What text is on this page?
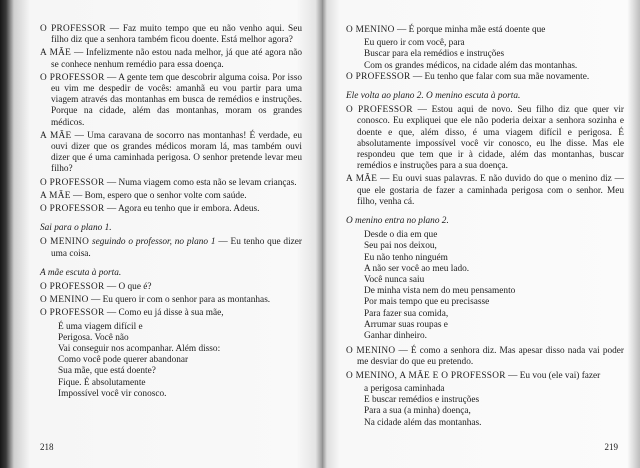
O PROFESSOR — Faz muito tempo que eu não venho aqui. Seu filho diz que a senhora também ficou doente. Está melhor agora?

A MÃE — Infelizmente não estou nada melhor, já que até agora não se conhece nenhum remédio para essa doença.

O PROFESSOR — A gente tem que descobrir alguma coisa. Por isso eu vim me despedir de vocês: amanhã eu vou partir para uma viagem através das montanhas em busca de remédios e instruções. Porque na cidade, além das montanhas, moram os grandes médicos.

A MÃE — Uma caravana de socorro nas montanhas! É verdade, eu ouvi dizer que os grandes médicos moram lá, mas também ouvi dizer que é uma caminhada perigosa. O senhor pretende levar meu filho?

O PROFESSOR — Numa viagem como esta não se levam crianças.

A MÃE — Bom, espero que o senhor volte com saúde.

O PROFESSOR — Agora eu tenho que ir embora. Adeus.

Sai para o plano 1.

O MENINO seguindo o professor, no plano 1 — Eu tenho que dizer uma coisa.

A mãe escuta à porta.

O PROFESSOR — O que é?

O MENINO — Eu quero ir com o senhor para as montanhas.

O PROFESSOR — Como eu já disse à sua mãe,

É uma viagem difícil e

Perigosa. Você não

Vai conseguir nos acompanhar. Além disso:

Como você pode querer abandonar

Sua mãe, que está doente?

Fique. É absolutamente

Impossível você vir conosco.

218

O MENINO — É porque minha mãe está doente que

Eu quero ir com você, para

Buscar para ela remédios e instruções

Com os grandes médicos, na cidade além das montanhas.

O PROFESSOR — Eu tenho que falar com sua mãe novamente.

Ele volta ao plano 2. O menino escuta à porta.

O PROFESSOR — Estou aqui de novo. Seu filho diz que quer vir conosco. Eu expliquei que ele não poderia deixar a senhora sozinha e doente e que, além disso, é uma viagem difícil e perigosa. É absolutamente impossível você vir conosco, eu lhe disse. Mas ele respondeu que tem que ir à cidade, além das montanhas, buscar remédios e instruções para a sua doença.

A MÃE — Eu ouvi suas palavras. E não duvido do que o menino diz — que ele gostaria de fazer a caminhada perigosa com o senhor. Meu filho, venha cá.

O menino entra no plano 2.

Desde o dia em que

Seu pai nos deixou,

Eu não tenho ninguém

A não ser você ao meu lado.

Você nunca saiu

De minha vista nem do meu pensamento

Por mais tempo que eu precisasse

Para fazer sua comida,

Arrumar suas roupas e

Ganhar dinheiro.

O MENINO — É como a senhora diz. Mas apesar disso nada vai poder me desviar do que eu pretendo.

O MENINO, A MÃE E O PROFESSOR — Eu vou (ele vai) fazer

a perigosa caminhada

E buscar remédios e instruções

Para a sua (a minha) doença,

Na cidade além das montanhas.

219
